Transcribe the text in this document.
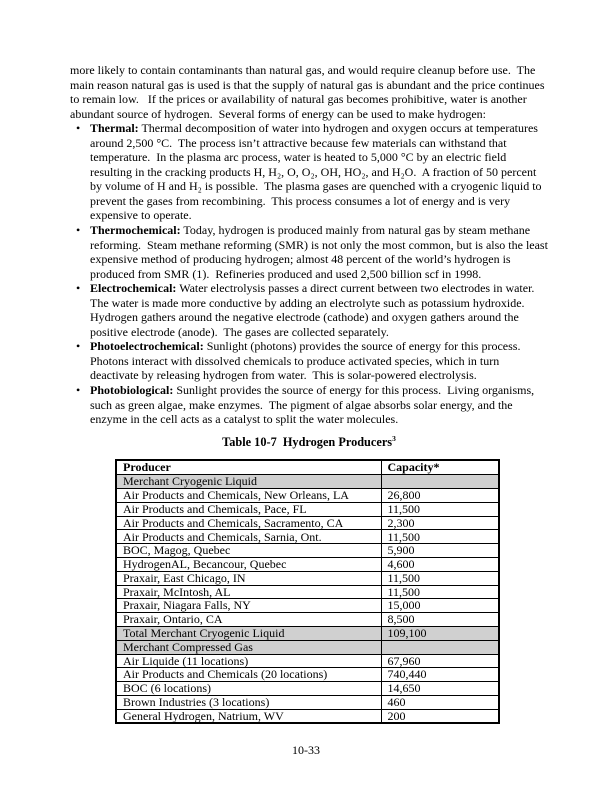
more likely to contain contaminants than natural gas, and would require cleanup before use.  The main reason natural gas is used is that the supply of natural gas is abundant and the price continues to remain low.   If the prices or availability of natural gas becomes prohibitive, water is another abundant source of hydrogen.  Several forms of energy can be used to make hydrogen:

• Thermal: Thermal decomposition of water into hydrogen and oxygen occurs at temperatures around 2,500 °C.  The process isn’t attractive because few materials can withstand that temperature.  In the plasma arc process, water is heated to 5,000 °C by an electric field resulting in the cracking products H, H₂, O, O₂, OH, HO₂, and H₂O.  A fraction of 50 percent by volume of H and H₂ is possible.  The plasma gases are quenched with a cryogenic liquid to prevent the gases from recombining.  This process consumes a lot of energy and is very expensive to operate.
• Thermochemical: Today, hydrogen is produced mainly from natural gas by steam methane reforming.  Steam methane reforming (SMR) is not only the most common, but is also the least expensive method of producing hydrogen; almost 48 percent of the world’s hydrogen is produced from SMR (1).  Refineries produced and used 2,500 billion scf in 1998.
• Electrochemical: Water electrolysis passes a direct current between two electrodes in water.  The water is made more conductive by adding an electrolyte such as potassium hydroxide.  Hydrogen gathers around the negative electrode (cathode) and oxygen gathers around the positive electrode (anode).  The gases are collected separately.
• Photoelectrochemical: Sunlight (photons) provides the source of energy for this process.  Photons interact with dissolved chemicals to produce activated species, which in turn deactivate by releasing hydrogen from water.  This is solar-powered electrolysis.
• Photobiological: Sunlight provides the source of energy for this process.  Living organisms, such as green algae, make enzymes.  The pigment of algae absorbs solar energy, and the enzyme in the cell acts as a catalyst to split the water molecules.
Table 10-7  Hydrogen Producers$^3$
Producer	Capacity*
Merchant Cryogenic Liquid	
Air Products and Chemicals, New Orleans, LA	26,800
Air Products and Chemicals, Pace, FL	11,500
Air Products and Chemicals, Sacramento, CA	2,300
Air Products and Chemicals, Sarnia, Ont.	11,500
BOC, Magog, Quebec	5,900
HydrogenAL, Becancour, Quebec	4,600
Praxair, East Chicago, IN	11,500
Praxair, McIntosh, AL	11,500
Praxair, Niagara Falls, NY	15,000
Praxair, Ontario, CA	8,500
Total Merchant Cryogenic Liquid	109,100
Merchant Compressed Gas	
Air Liquide (11 locations)	67,960
Air Products and Chemicals (20 locations)	740,440
BOC (6 locations)	14,650
Brown Industries (3 locations)	460
General Hydrogen, Natrium, WV	200
10-33
